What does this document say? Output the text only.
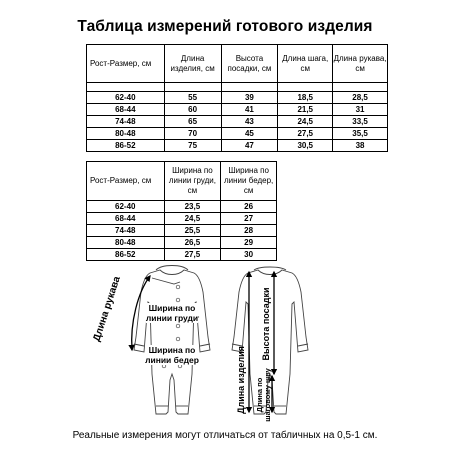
Таблица измерений готового изделия
Рост-Размер, см	Длина изделия, см	Высота посадки, см	Длина шага, см	Длина рукава, см

62-40	55	39	18,5	28,5
68-44	60	41	21,5	31
74-48	65	43	24,5	33,5
80-48	70	45	27,5	35,5
86-52	75	47	30,5	38
Рост-Размер, см	Ширина по линии груди, см	Ширина по линии бедер, см
62-40	23,5	26
68-44	24,5	27
74-48	25,5	28
80-48	26,5	29
86-52	27,5	30
Длина рукава	Ширина по
линии груди
Ширина по
линии бедер	Длина изделия
Высота посадки
Длина по шаговому шву
Реальные измерения могут отличаться от табличных на 0,5-1 см.
